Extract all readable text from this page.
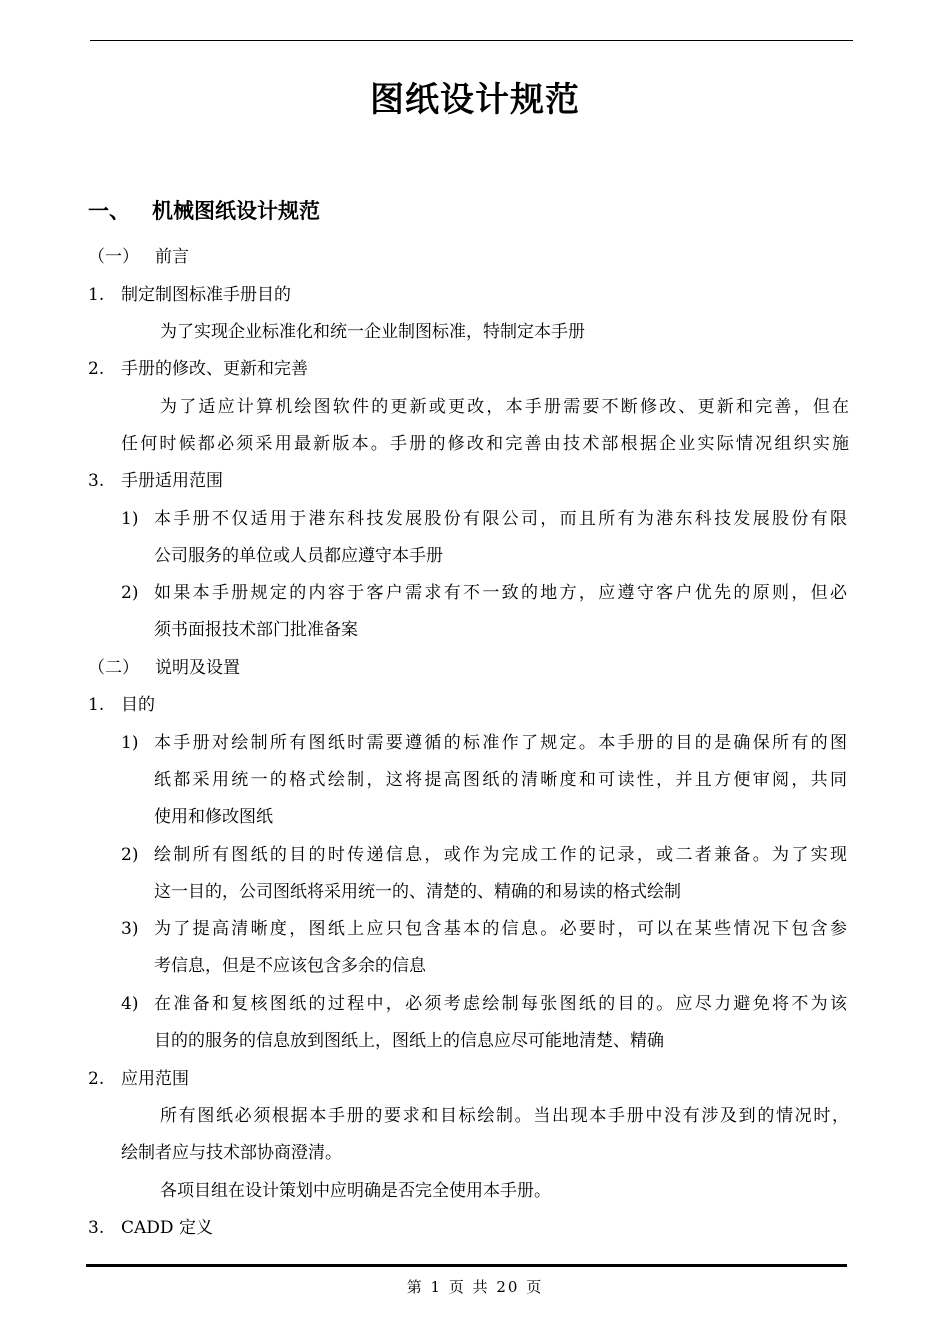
图纸设计规范
一、 机械图纸设计规范
（一） 前言
1. 制定制图标准手册目的
为了实现企业标准化和统一企业制图标准，特制定本手册
2. 手册的修改、更新和完善
为了适应计算机绘图软件的更新或更改，本手册需要不断修改、更新和完善，但在
任何时候都必须采用最新版本。手册的修改和完善由技术部根据企业实际情况组织实施
3. 手册适用范围
1) 本手册不仅适用于港东科技发展股份有限公司，而且所有为港东科技发展股份有限
公司服务的单位或人员都应遵守本手册
2) 如果本手册规定的内容于客户需求有不一致的地方，应遵守客户优先的原则，但必
须书面报技术部门批准备案
（二） 说明及设置
1. 目的
1) 本手册对绘制所有图纸时需要遵循的标准作了规定。本手册的目的是确保所有的图
纸都采用统一的格式绘制，这将提高图纸的清晰度和可读性，并且方便审阅，共同
使用和修改图纸
2) 绘制所有图纸的目的时传递信息，或作为完成工作的记录，或二者兼备。为了实现
这一目的，公司图纸将采用统一的、清楚的、精确的和易读的格式绘制
3) 为了提高清晰度，图纸上应只包含基本的信息。必要时，可以在某些情况下包含参
考信息，但是不应该包含多余的信息
4) 在准备和复核图纸的过程中，必须考虑绘制每张图纸的目的。应尽力避免将不为该
目的的服务的信息放到图纸上，图纸上的信息应尽可能地清楚、精确
2. 应用范围
所有图纸必须根据本手册的要求和目标绘制。当出现本手册中没有涉及到的情况时，
绘制者应与技术部协商澄清。
各项目组在设计策划中应明确是否完全使用本手册。
3. CADD 定义
第 1 页 共 20 页
